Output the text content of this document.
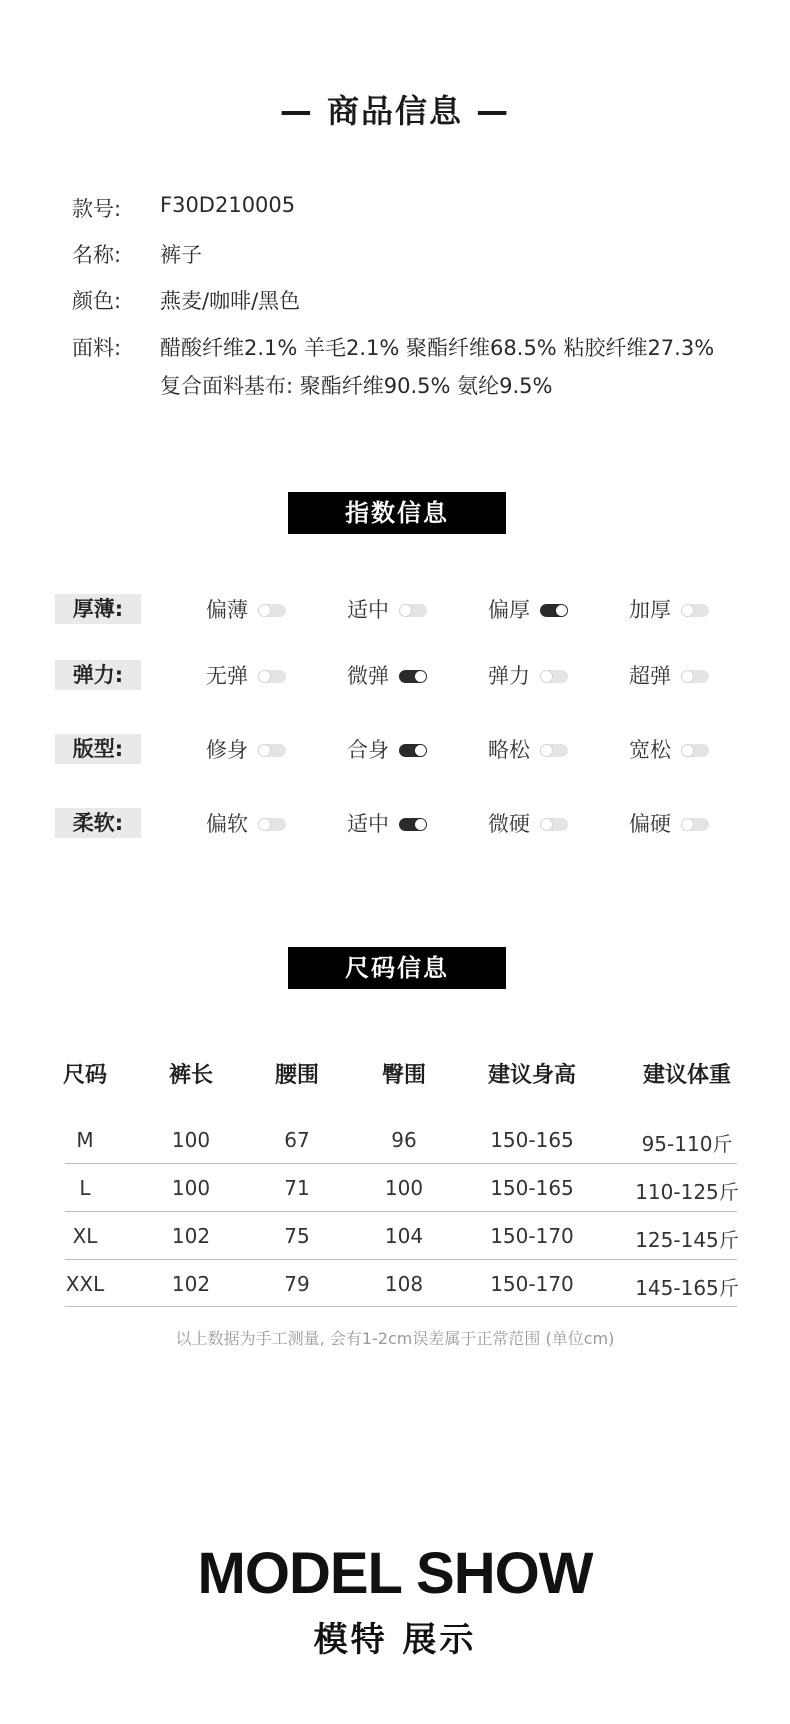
— 商品信息 —
款号:	F30D210005
名称:	裤子
颜色:	燕麦/咖啡/黑色
面料:	醋酸纤维2.1% 羊毛2.1% 聚酯纤维68.5% 粘胶纤维27.3%
复合面料基布: 聚酯纤维90.5% 氨纶9.5%
指数信息
厚薄:	偏薄	适中	偏厚	加厚
弹力:	无弹	微弹	弹力	超弹
版型:	修身	合身	略松	宽松
柔软:	偏软	适中	微硬	偏硬
尺码信息
尺码	裤长	腰围	臀围	建议身高	建议体重
M	100	67	96	150-165	95-110斤
L	100	71	100	150-165	110-125斤
XL	102	75	104	150-170	125-145斤
XXL	102	79	108	150-170	145-165斤
以上数据为手工测量, 会有1-2cm误差属于正常范围 (单位cm)
MODEL SHOW
模特 展示
